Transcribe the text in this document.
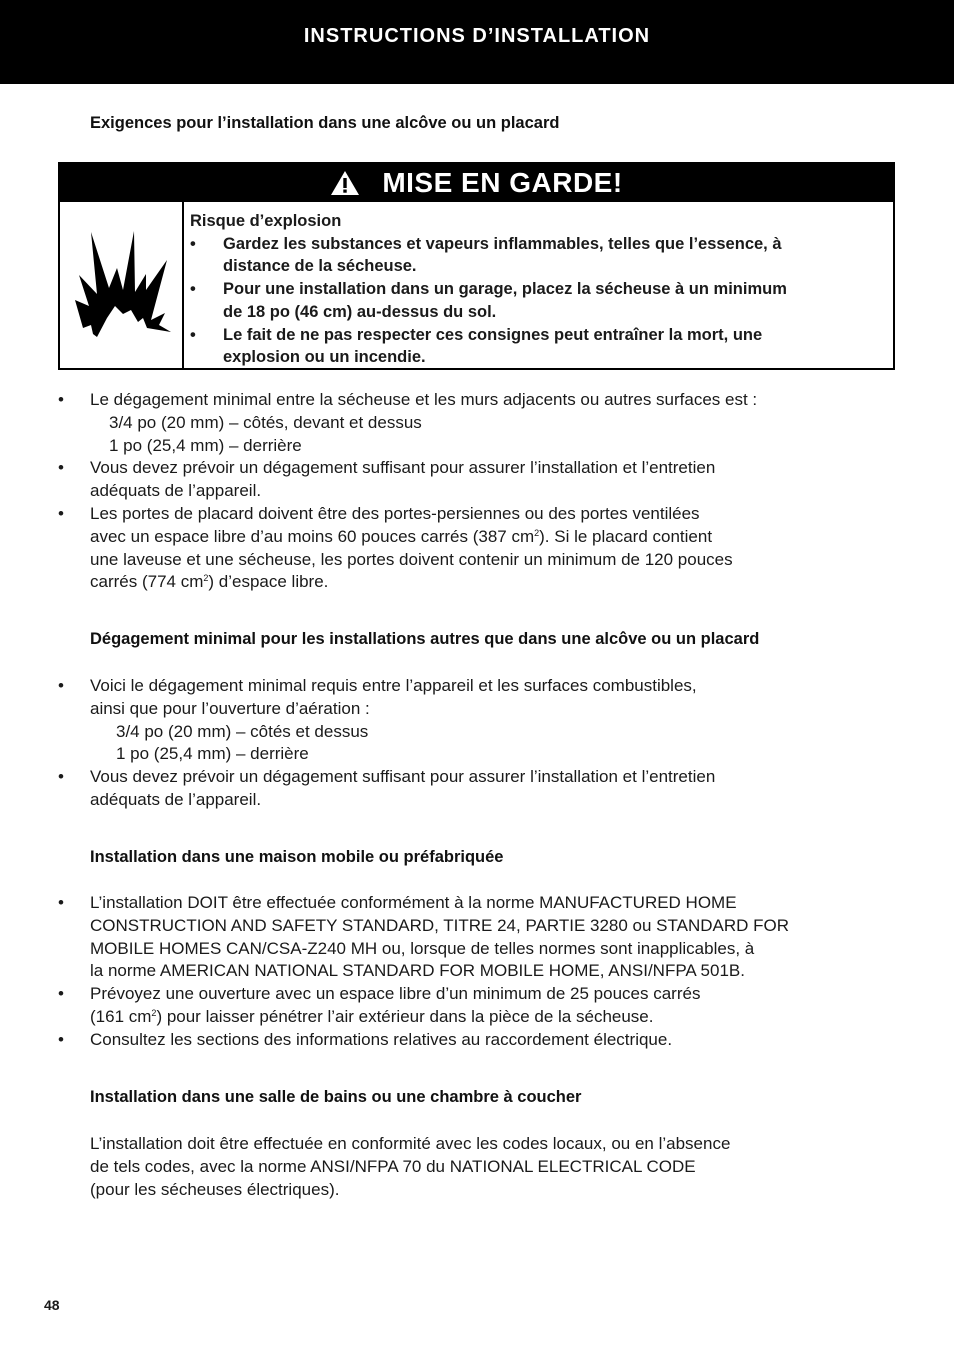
INSTRUCTIONS D’INSTALLATION
Exigences pour l’installation dans une alcôve ou un placard
MISE EN GARDE!
Risque d’explosion
•	Gardez les substances et vapeurs inflammables, telles que l’essence, à
distance de la sécheuse.
•	Pour une installation dans un garage, placez la sécheuse à un minimum
de 18 po (46 cm) au-dessus du sol.
•	Le fait de ne pas respecter ces consignes peut entraîner la mort, une
explosion ou un incendie.
•	Le dégagement minimal entre la sécheuse et les murs adjacents ou autres surfaces est :
3/4 po (20 mm) – côtés, devant et dessus
1 po (25,4 mm) – derrière
•	Vous devez prévoir un dégagement suffisant pour assurer l’installation et l’entretien
adéquats de l’appareil.
•	Les portes de placard doivent être des portes-persiennes ou des portes ventilées
avec un espace libre d’au moins 60 pouces carrés (387 $cm^2$). Si le placard contient
une laveuse et une sécheuse, les portes doivent contenir un minimum de 120 pouces
carrés (774 $cm^2$) d’espace libre.
Dégagement minimal pour les installations autres que dans une alcôve ou un placard
•	Voici le dégagement minimal requis entre l’appareil et les surfaces combustibles,
ainsi que pour l’ouverture d’aération :
3/4 po (20 mm) – côtés et dessus
1 po (25,4 mm) – derrière
•	Vous devez prévoir un dégagement suffisant pour assurer l’installation et l’entretien
adéquats de l’appareil.
Installation dans une maison mobile ou préfabriquée
•	L’installation DOIT être effectuée conformément à la norme MANUFACTURED HOME
CONSTRUCTION AND SAFETY STANDARD, TITRE 24, PARTIE 3280 ou STANDARD FOR
MOBILE HOMES CAN/CSA-Z240 MH ou, lorsque de telles normes sont inapplicables, à
la norme AMERICAN NATIONAL STANDARD FOR MOBILE HOME, ANSI/NFPA 501B.
•	Prévoyez une ouverture avec un espace libre d’un minimum de 25 pouces carrés
(161 $cm^2$) pour laisser pénétrer l’air extérieur dans la pièce de la sécheuse.
•	Consultez les sections des informations relatives au raccordement électrique.
Installation dans une salle de bains ou une chambre à coucher
L’installation doit être effectuée en conformité avec les codes locaux, ou en l’absence
de tels codes, avec la norme ANSI/NFPA 70 du NATIONAL ELECTRICAL CODE
(pour les sécheuses électriques).
48
